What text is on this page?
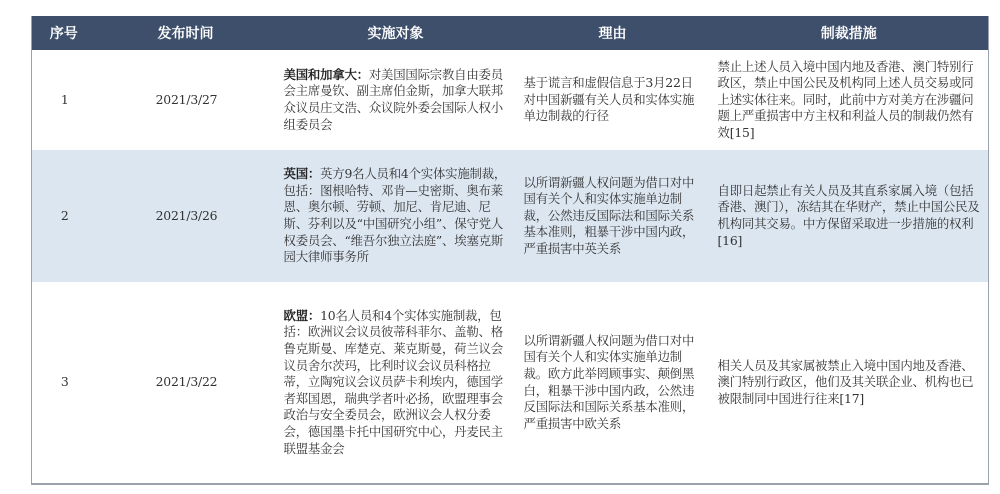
序号	发布时间	实施对象	理由	制裁措施
1	2021/3/27	美国和加拿大：对美国国际宗教自由委员会主席曼钦、副主席伯金斯，加拿大联邦众议员庄文浩、众议院外委会国际人权小组委员会	基于谎言和虚假信息于3月22日对中国新疆有关人员和实体实施单边制裁的行径	禁止上述人员入境中国内地及香港、澳门特别行政区，禁止中国公民及机构同上述人员交易或同上述实体往来。同时，此前中方对美方在涉疆问题上严重损害中方主权和利益人员的制裁仍然有效[15]
2	2021/3/26	英国：英方9名人员和4个实体实施制裁，包括：图根哈特、邓肯—史密斯、奥布莱恩、奥尔顿、劳顿、加尼、肯尼迪、尼斯、芬利以及“中国研究小组”、保守党人权委员会、“维吾尔独立法庭”、埃塞克斯园大律师事务所	以所谓新疆人权问题为借口对中国有关个人和实体实施单边制裁，公然违反国际法和国际关系基本准则，粗暴干涉中国内政，严重损害中英关系	自即日起禁止有关人员及其直系家属入境（包括香港、澳门），冻结其在华财产，禁止中国公民及机构同其交易。中方保留采取进一步措施的权利[16]
3	2021/3/22	欧盟：10名人员和4个实体实施制裁，包括：欧洲议会议员彼蒂科菲尔、盖勒、格鲁克斯曼、库楚克、莱克斯曼，荷兰议会议员舍尔茨玛，比利时议会议员科格拉蒂，立陶宛议会议员萨卡利埃内，德国学者郑国恩，瑞典学者叶必扬，欧盟理事会政治与安全委员会，欧洲议会人权分委会，德国墨卡托中国研究中心，丹麦民主联盟基金会	以所谓新疆人权问题为借口对中国有关个人和实体实施单边制裁。欧方此举罔顾事实、颠倒黑白，粗暴干涉中国内政，公然违反国际法和国际关系基本准则，严重损害中欧关系	相关人员及其家属被禁止入境中国内地及香港、澳门特别行政区，他们及其关联企业、机构也已被限制同中国进行往来[17]
